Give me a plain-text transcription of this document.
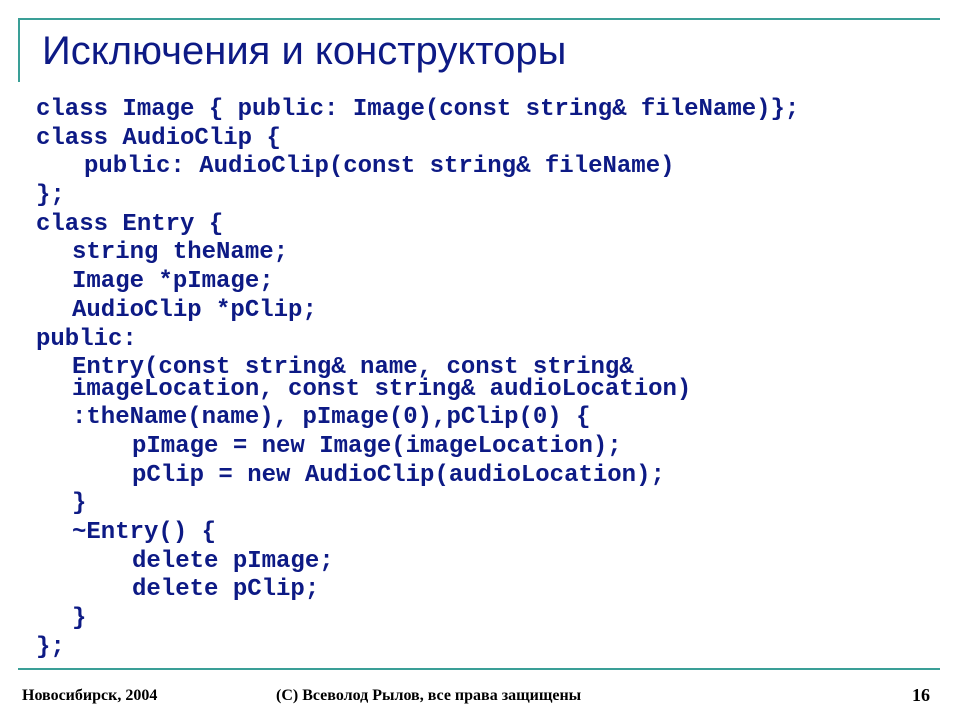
Исключения и конструкторы
class Image { public: Image(const string& fileName)};
class AudioClip {
public: AudioClip(const string& fileName)
};
class Entry {
string theName;
Image *pImage;
AudioClip *pClip;
public:
Entry(const string& name, const string&
imageLocation, const string& audioLocation)
:theName(name), pImage(0),pClip(0) {
pImage = new Image(imageLocation);
pClip = new AudioClip(audioLocation);
}
~Entry() {
delete pImage;
delete pClip;
}
};
Новосибирск, 2004	(C) Всеволод Рылов, все права защищены	16
